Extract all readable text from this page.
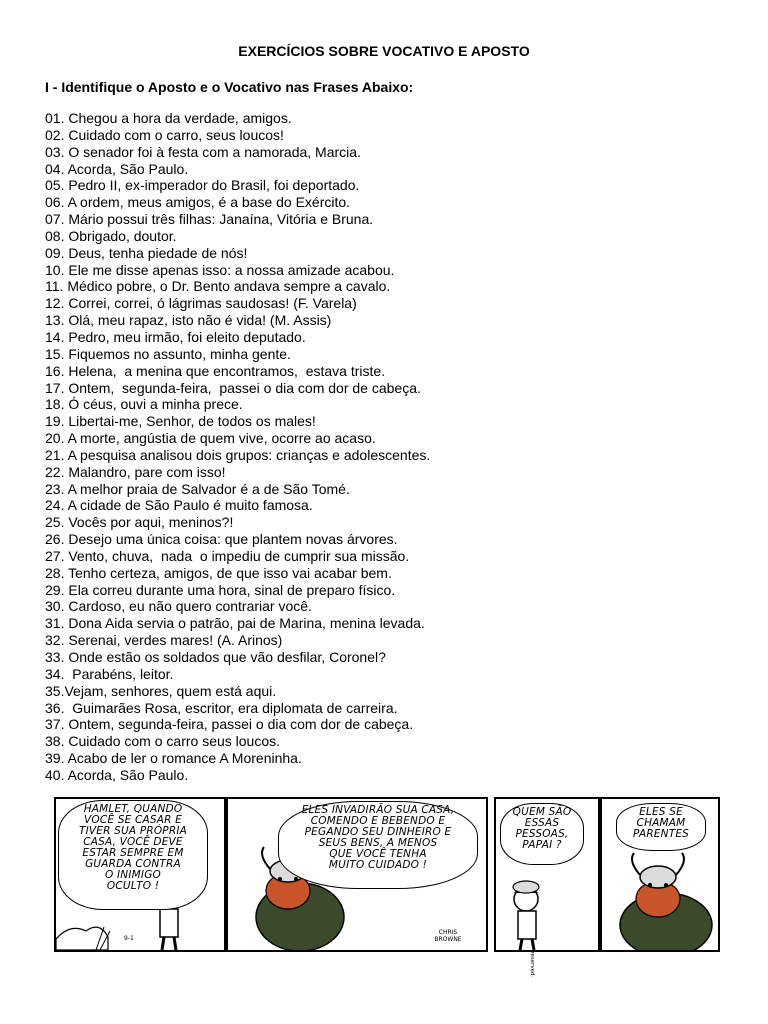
EXERCÍCIOS SOBRE VOCATIVO E APOSTO
I - Identifique o Aposto e o Vocativo nas Frases Abaixo:
01. Chegou a hora da verdade, amigos.
02. Cuidado com o carro, seus loucos!
03. O senador foi à festa com a namorada, Marcia.
04. Acorda, São Paulo.
05. Pedro II, ex-imperador do Brasil, foi deportado.
06. A ordem, meus amigos, é a base do Exército.
07. Mário possui três filhas: Janaína, Vitória e Bruna.
08. Obrigado, doutor.
09. Deus, tenha piedade de nós!
10. Ele me disse apenas isso: a nossa amizade acabou.
11. Médico pobre, o Dr. Bento andava sempre a cavalo.
12. Correi, correi, ó lágrimas saudosas! (F. Varela)
13. Olá, meu rapaz, isto não é vida! (M. Assis)
14. Pedro, meu irmão, foi eleito deputado.
15. Fiquemos no assunto, minha gente.
16. Helena,  a menina que encontramos,  estava triste.
17. Ontem,  segunda-feira,  passei o dia com dor de cabeça.
18. Ó céus, ouvi a minha prece.
19. Libertai-me, Senhor, de todos os males!
20. A morte, angústia de quem vive, ocorre ao acaso.
21. A pesquisa analisou dois grupos: crianças e adolescentes.
22. Malandro, pare com isso!
23. A melhor praia de Salvador é a de São Tomé.
24. A cidade de São Paulo é muito famosa.
25. Vocês por aqui, meninos?!
26. Desejo uma única coisa: que plantem novas árvores.
27. Vento, chuva,  nada  o impediu de cumprir sua missão.
28. Tenho certeza, amigos, de que isso vai acabar bem.
29. Ela correu durante uma hora, sinal de preparo físico.
30. Cardoso, eu não quero contrariar você.
31. Dona Aida servia o patrão, pai de Marina, menina levada.
32. Serenai, verdes mares! (A. Arinos)
33. Onde estão os soldados que vão desfilar, Coronel?
34.  Parabéns, leitor.
35.Vejam, senhores, quem está aqui.
36.  Guimarães Rosa, escritor, era diplomata de carreira.
37. Ontem, segunda-feira, passei o dia com dor de cabeça.
38. Cuidado com o carro seus loucos.
39. Acabo de ler o romance A Moreninha.
40. Acorda, São Paulo.
HAMLET, QUANDO
VOCÊ SE CASAR E
TIVER SUA PRÓPRIA
CASA, VOCÊ DEVE
ESTAR SEMPRE EM
GUARDA CONTRA
O INIMIGO
OCULTO !
9-1
ELES INVADIRÃO SUA CASA,
COMENDO E BEBENDO E
PEGANDO SEU DINHEIRO E
SEUS BENS, A MENOS
QUE VOCÊ TENHA
MUITO CUIDADO !
CHRIS BROWNE
QUEM SÃO
ESSAS
PESSOAS,
PAPAI ?
ELES SE
CHAMAM
PARENTES
